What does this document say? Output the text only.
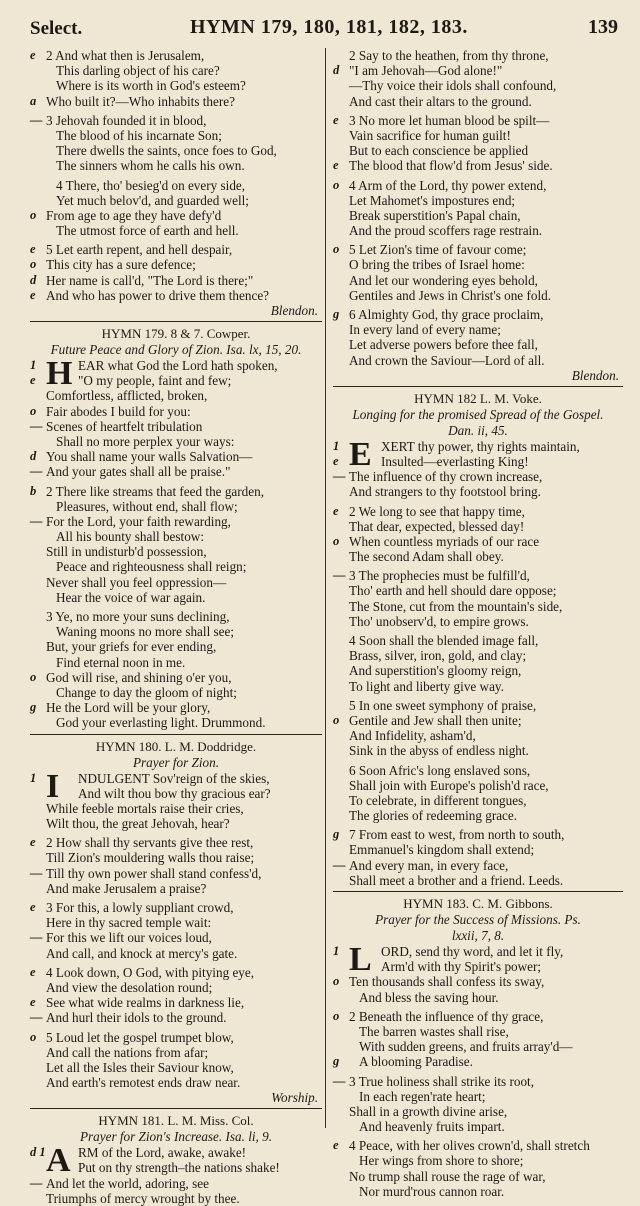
Select.	HYMN 179, 180, 181, 182, 183.	139
e 2 And what then is Jerusalem,
This darling object of his care?
Where is its worth in God's esteem?
a Who built it?—Who inhabits there?
— 3 Jehovah founded it in blood,
The blood of his incarnate Son;
There dwells the saints, once foes to God,
The sinners whom he calls his own.
4 There, tho' besieg'd on every side,
Yet much belov'd, and guarded well;
o From age to age they have defy'd
The utmost force of earth and hell.
e 5 Let earth repent, and hell despair,
o This city has a sure defence;
d Her name is call'd, "The Lord is there;"
e And who has power to drive them thence?
Blendon.
HYMN 179. 8 & 7. Cowper.
Future Peace and Glory of Zion. Isa. lx, 15, 20.
1 H EAR what God the Lord hath spoken,
e	"O my people, faint and few;
Comfortless, afflicted, broken,
o Fair abodes I build for you:
— Scenes of heartfelt tribulation
Shall no more perplex your ways:
d You shall name your walls Salvation—
— And your gates shall all be praise."
b 2 There like streams that feed the garden,
Pleasures, without end, shall flow;
— For the Lord, your faith rewarding,
All his bounty shall bestow:
Still in undisturb'd possession,
Peace and righteousness shall reign;
Never shall you feel oppression—
Hear the voice of war again.
3 Ye, no more your suns declining,
Waning moons no more shall see;
But, your griefs for ever ending,
Find eternal noon in me.
o God will rise, and shining o'er you,
Change to day the gloom of night;
g He the Lord will be your glory,
God your everlasting light. Drummond.
HYMN 180. L. M. Doddridge.
Prayer for Zion.
1 I NDULGENT Sov'reign of the skies,
And wilt thou bow thy gracious ear?
While feeble mortals raise their cries,
Wilt thou, the great Jehovah, hear?
e 2 How shall thy servants give thee rest,
Till Zion's mouldering walls thou raise;
— Till thy own power shall stand confess'd,
And make Jerusalem a praise?
e 3 For this, a lowly suppliant crowd,
Here in thy sacred temple wait:
— For this we lift our voices loud,
And call, and knock at mercy's gate.
e 4 Look down, O God, with pitying eye,
And view the desolation round;
e See what wide realms in darkness lie,
— And hurl their idols to the ground.
o 5 Loud let the gospel trumpet blow,
And call the nations from afar;
Let all the Isles their Saviour know,
And earth's remotest ends draw near.
Worship.
HYMN 181. L. M. Miss. Col.
Prayer for Zion's Increase. Isa. li, 9.
d 1 A RM of the Lord, awake, awake!
Put on thy strength–the nations shake!
— And let the world, adoring, see
Triumphs of mercy wrought by thee.
2 Say to the heathen, from thy throne,
d "I am Jehovah—God alone!"
—Thy voice their idols shall confound,
And cast their altars to the ground.
e 3 No more let human blood be spilt—
Vain sacrifice for human guilt!
But to each conscience be applied
e The blood that flow'd from Jesus' side.
o 4 Arm of the Lord, thy power extend,
Let Mahomet's impostures end;
Break superstition's Papal chain,
And the proud scoffers rage restrain.
o 5 Let Zion's time of favour come;
O bring the tribes of Israel home:
And let our wondering eyes behold,
Gentiles and Jews in Christ's one fold.
g 6 Almighty God, thy grace proclaim,
In every land of every name;
Let adverse powers before thee fall,
And crown the Saviour—Lord of all.
Blendon.
HYMN 182 L. M. Voke.
Longing for the promised Spread of the Gospel.
Dan. ii, 45.
1 E XERT thy power, thy rights maintain,
e	Insulted—everlasting King!
— The influence of thy crown increase,
And strangers to thy footstool bring.
e 2 We long to see that happy time,
That dear, expected, blessed day!
o When countless myriads of our race
The second Adam shall obey.
— 3 The prophecies must be fulfill'd,
Tho' earth and hell should dare oppose;
The Stone, cut from the mountain's side,
Tho' unobserv'd, to empire grows.
4 Soon shall the blended image fall,
Brass, silver, iron, gold, and clay;
And superstition's gloomy reign,
To light and liberty give way.
5 In one sweet symphony of praise,
o Gentile and Jew shall then unite;
And Infidelity, asham'd,
Sink in the abyss of endless night.
6 Soon Afric's long enslaved sons,
Shall join with Europe's polish'd race,
To celebrate, in different tongues,
The glories of redeeming grace.
g 7 From east to west, from north to south,
Emmanuel's kingdom shall extend;
— And every man, in every face,
Shall meet a brother and a friend. Leeds.
HYMN 183. C. M. Gibbons.
Prayer for the Success of Missions. Ps.
lxxii, 7, 8.
1 L ORD, send thy word, and let it fly,
Arm'd with thy Spirit's power;
o Ten thousands shall confess its sway,
And bless the saving hour.
o 2 Beneath the influence of thy grace,
The barren wastes shall rise,
With sudden greens, and fruits array'd—
g	A blooming Paradise.
— 3 True holiness shall strike its root,
In each regen'rate heart;
Shall in a growth divine arise,
And heavenly fruits impart.
e 4 Peace, with her olives crown'd, shall stretch
Her wings from shore to shore;
No trump shall rouse the rage of war,
Nor murd'rous cannon roar.
